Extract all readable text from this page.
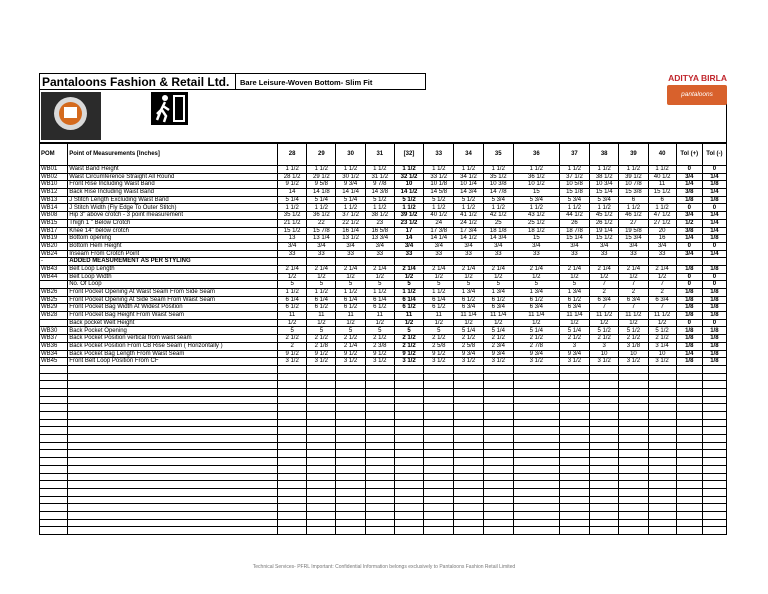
Pantaloons Fashion & Retail Ltd.	Bare Leisure-Woven Bottom- Slim Fit	ADITYA BIRLA
pantaloons
POM	Point of Measurements [Inches]	28	29	30	31	[32]	33	34	35	36	37	38	39	40	Tol (+)	Tol (-)
WB01	Waist Band Height	1 1/2	1 1/2	1 1/2	1 1/2	1 1/2	1 1/2	1 1/2	1 1/2	1 1/2	1 1/2	1 1/2	1 1/2	1 1/2	0	0
WB02	Waist Circumference Straight All Round	28 1/2	29 1/2	30 1/2	31 1/2	32 1/2	33 1/2	34 1/2	35 1/2	36 1/2	37 1/2	38 1/2	39 1/2	40 1/2	3/4	1/4
WB10	Front Rise Including Waist Band	9 1/2	9 5/8	9 3/4	9 7/8	10	10 1/8	10 1/4	10 3/8	10 1/2	10 5/8	10 3/4	10 7/8	11	1/4	1/8
WB12	Back Rise Including Waist Band	14	14 1/8	14 1/4	14 3/8	14 1/2	14 5/8	14 3/4	14 7/8	15	15 1/8	15 1/4	15 3/8	15 1/2	3/8	1/4
WB13	J Stitch Length Excluding Waist Band	5 1/4	5 1/4	5 1/4	5 1/2	5 1/2	5 1/2	5 1/2	5 3/4	5 3/4	5 3/4	5 3/4	6	6	1/8	1/8
WB14	J Stitch Width (Fly Edge To Outer Stitch)	1 1/2	1 1/2	1 1/2	1 1/2	1 1/2	1 1/2	1 1/2	1 1/2	1 1/2	1 1/2	1 1/2	1 1/2	1 1/2	0	0
WB08	Hip 3" above crotch - 3 point measurement	35 1/2	36 1/2	37 1/2	38 1/2	39 1/2	40 1/2	41 1/2	42 1/2	43 1/2	44 1/2	45 1/2	46 1/2	47 1/2	3/4	1/4
WB15	Thigh 1 " Below Crotch	21 1/2	22	22 1/2	23	23 1/2	24	24 1/2	25	25 1/2	26	26 1/2	27	27 1/2	1/2	1/4
WB17	Knee 14" below crotch	15 1/2	15 7/8	16 1/4	16 5/8	17	17 3/8	17 3/4	18 1/8	18 1/2	18 7/8	19 1/4	19 5/8	20	3/8	1/4
WB19	Bottom opening	13	13 1/4	13 1/2	13 3/4	14	14 1/4	14 1/2	14 3/4	15	15 1/4	15 1/2	15 3/4	16	1/4	1/8
WB20	Bottom Hem Height	3/4	3/4	3/4	3/4	3/4	3/4	3/4	3/4	3/4	3/4	3/4	3/4	3/4	0	0
WB24	Inseam From Crotch Point	33	33	33	33	33	33	33	33	33	33	33	33	33	3/4	1/4
-	ADDED MEASUREMENT AS PER STYLING															
WB43	Belt Loop Length	2 1/4	2 1/4	2 1/4	2 1/4	2 1/4	2 1/4	2 1/4	2 1/4	2 1/4	2 1/4	2 1/4	2 1/4	2 1/4	1/8	1/8
WB44	Belt Loop Width	1/2	1/2	1/2	1/2	1/2	1/2	1/2	1/2	1/2	1/2	1/2	1/2	1/2	0	0
	No. Of Loop	5	5	5	5	5	5	5	5	5	5	7	7	7	0	0
WB26	Front Pocket Opening At Waist Seam From Side Seam	1 1/2	1 1/2	1 1/2	1 1/2	1 1/2	1 1/2	1 3/4	1 3/4	1 3/4	1 3/4	2	2	2	1/8	1/8
WB25	Front Pocket Opening At Side Seam From Waist Seam	6 1/4	6 1/4	6 1/4	6 1/4	6 1/4	6 1/4	6 1/2	6 1/2	6 1/2	6 1/2	6 3/4	6 3/4	6 3/4	1/8	1/8
WB29	Front Pocket Bag Width At Widest Position	6 1/2	6 1/2	6 1/2	6 1/2	6 1/2	6 1/2	6 3/4	6 3/4	6 3/4	6 3/4	7	7	7	1/8	1/8
WB28	Front Pocket Bag Height From Waist Seam	11	11	11	11	11	11	11 1/4	11 1/4	11 1/4	11 1/4	11 1/2	11 1/2	11 1/2	1/8	1/8
	Back pocket Welt Height	1/2	1/2	1/2	1/2	1/2	1/2	1/2	1/2	1/2	1/2	1/2	1/2	1/2	0	0
WB30	Back Pocket Opening	5	5	5	5	5	5	5 1/4	5 1/4	5 1/4	5 1/4	5 1/2	5 1/2	5 1/2	1/8	1/8
WB37	Back Pocket Position vertical from waist seam	2 1/2	2 1/2	2 1/2	2 1/2	2 1/2	2 1/2	2 1/2	2 1/2	2 1/2	2 1/2	2 1/2	2 1/2	2 1/2	1/8	1/8
WB36	Back Pocket Position From CB Rise Seam ( Horizontally )	2	2 1/8	2 1/4	2 3/8	2 1/2	2 5/8	2 5/8	2 3/4	2 7/8	3	3	3 1/8	3 1/4	1/8	1/8
WB34	Back Pocket Bag Length From Waist Seam	9 1/2	9 1/2	9 1/2	9 1/2	9 1/2	9 1/2	9 3/4	9 3/4	9 3/4	9 3/4	10	10	10	1/4	1/8
WB45	Front Belt Loop Position From CF	3 1/2	3 1/2	3 1/2	3 1/2	3 1/2	3 1/2	3 1/2	3 1/2	3 1/2	3 1/2	3 1/2	3 1/2	3 1/2	1/8	1/8

Technical Services- PFRL Important: Confidential Information belongs exclusively to Pantaloons Fashion Retail Limited
